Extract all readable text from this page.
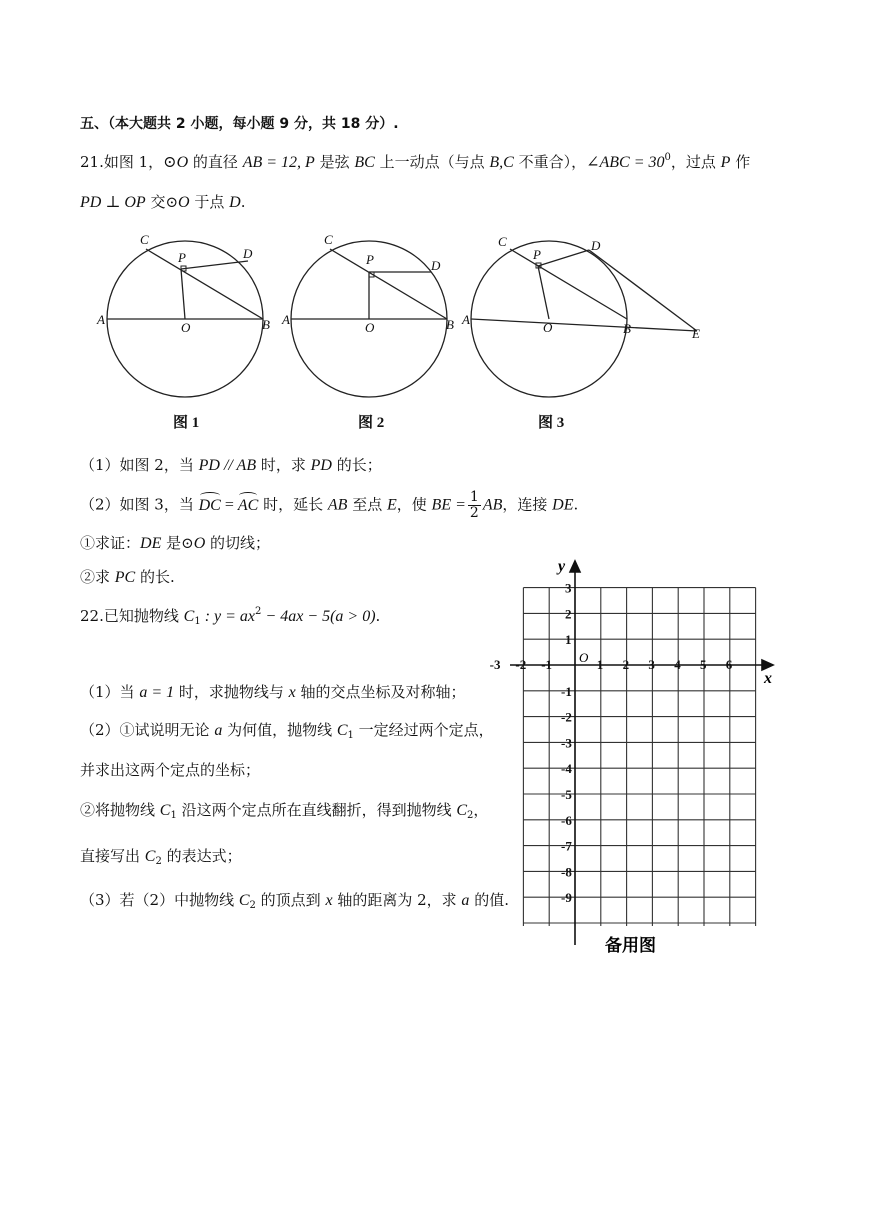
五、（本大题共 2 小题，每小题 9 分，共 18 分）.
21.如图 1，⊙O 的直径 AB = 12, P 是弦 BC 上一动点（与点 B,C 不重合），∠ABC = $30^0$，过点 P 作
PD ⊥ OP 交⊙O 于点 D.
C
P	D
A
O	B
C
P	D
A
O	B
C
P
D
A
O	B	E
图 1	图 2	图 3
（1）如图 2，当 PD // AB 时，求 PD 的长；
（2）如图 3，当 DC = AC 时，延长 AB 至点 E，使 BE = $\frac{1}{2}$ AB，连接 DE.
①求证：DE 是⊙O 的切线；
②求 PC 的长.
22.已知抛物线 $C_1$ : $y = ax^2 - 4ax - 5(a > 0)$.
（1）当 a = 1 时，求抛物线与 x 轴的交点坐标及对称轴；
（2）①试说明无论 a 为何值，抛物线 $C_1$ 一定经过两个定点，
并求出这两个定点的坐标；
②将抛物线 $C_1$ 沿这两个定点所在直线翻折，得到抛物线 $C_2$，
直接写出 $C_2$ 的表达式；
（3）若（2）中抛物线 $C_2$ 的顶点到 x 轴的距离为 2，求 a 的值.
-3 -2 -1	1 2 3 4 5 6
3
2
1
-1
-2
-3
-4
-5
-6
-7
-8
-9
x
y
O
备用图
